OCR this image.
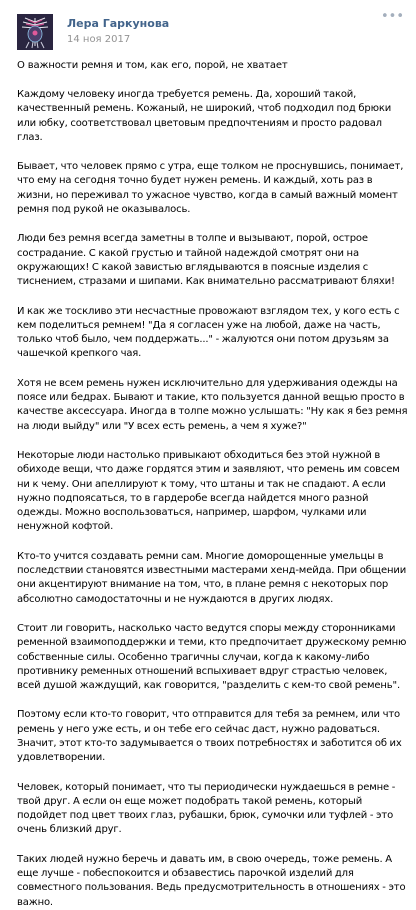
Лера Гаркунова
14 ноя 2017
•••

О важности ремня и том, как его, порой, не хватает

Каждому человеку иногда требуется ремень. Да, хороший такой, качественный ремень. Кожаный, не широкий, чтоб подходил под брюки или юбку, соответствовал цветовым предпочтениям и просто радовал глаз.

Бывает, что человек прямо с утра, еще толком не проснувшись, понимает, что ему на сегодня точно будет нужен ремень. И каждый, хоть раз в жизни, но переживал то ужасное чувство, когда в самый важный момент ремня под рукой не оказывалось.

Люди без ремня всегда заметны в толпе и вызывают, порой, острое сострадание. С какой грустью и тайной надеждой смотрят они на окружающих! С какой завистью вглядываются в поясные изделия с тиснением, стразами и шипами. Как внимательно рассматривают бляхи!

И как же тоскливо эти несчастные провожают взглядом тех, у кого есть с кем поделиться ремнем! "Да я согласен уже на любой, даже на часть, только чтоб было, чем поддержать..." - жалуются они потом друзьям за чашечкой крепкого чая.

Хотя не всем ремень нужен исключительно для удерживания одежды на поясе или бедрах. Бывают и такие, кто пользуется данной вещью просто в качестве аксессуара. Иногда в толпе можно услышать: "Ну как я без ремня на люди выйду" или "У всех есть ремень, а чем я хуже?"

Некоторые люди настолько привыкают обходиться без этой нужной в обиходе вещи, что даже гордятся этим и заявляют, что ремень им совсем ни к чему. Они апеллируют к тому, что штаны и так не спадают. А если нужно подпоясаться, то в гардеробе всегда найдется много разной одежды. Можно воспользоваться, например, шарфом, чулками или ненужной кофтой.

Кто-то учится создавать ремни сам. Многие доморощенные умельцы в последствии становятся известными мастерами хенд-мейда. При общении они акцентируют внимание на том, что, в плане ремня с некоторых пор абсолютно самодостаточны и не нуждаются в других людях.

Стоит ли говорить, насколько часто ведутся споры между сторонниками ременной взаимоподдержки и теми, кто предпочитает дружескому ремню собственные силы. Особенно трагичны случаи, когда к какому-либо противнику ременных отношений вспыхивает вдруг страстью человек, всей душой жаждущий, как говорится, "разделить с кем-то свой ремень".

Поэтому если кто-то говорит, что отправится для тебя за ремнем, или что ремень у него уже есть, и он тебе его сейчас даст, нужно радоваться. Значит, этот кто-то задумывается о твоих потребностях и заботится об их удовлетворении.

Человек, который понимает, что ты периодически нуждаешься в ремне - твой друг. А если он еще может подобрать такой ремень, который подойдет под цвет твоих глаз, рубашки, брюк, сумочки или туфлей - это очень близкий друг.

Таких людей нужно беречь и давать им, в свою очередь, тоже ремень. А еще лучше - побеспокоится и обзавестись парочкой изделий для совместного пользования. Ведь предусмотрительность в отношениях - это важно.
